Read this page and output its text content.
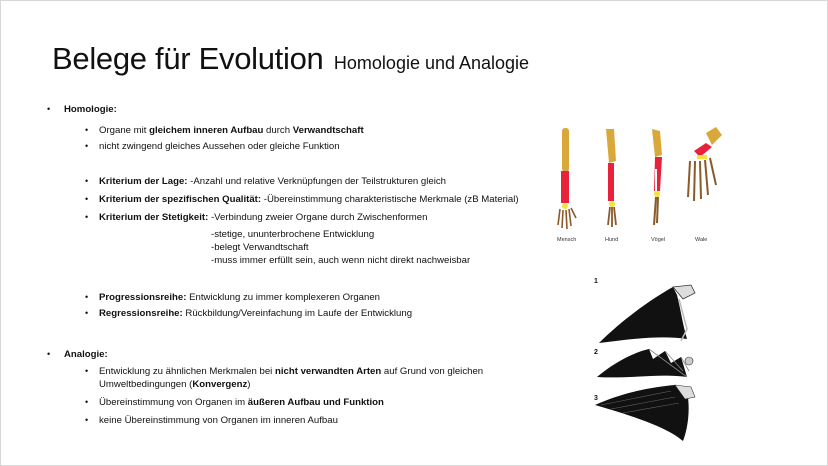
Belege für Evolution Homologie und Analogie
• Homologie:
• Organe mit gleichem inneren Aufbau durch Verwandtschaft
• nicht zwingend gleiches Aussehen oder gleiche Funktion
• Kriterium der Lage: -Anzahl und relative Verknüpfungen der Teilstrukturen gleich
• Kriterium der spezifischen Qualität: -Übereinstimmung charakteristische Merkmale (zB Material)
• Kriterium der Stetigkeit: -Verbindung zweier Organe durch Zwischenformen
-stetige, ununterbrochene Entwicklung
-belegt Verwandtschaft
-muss immer erfüllt sein, auch wenn nicht direkt nachweisbar
• Progressionsreihe: Entwicklung zu immer komplexeren Organen
• Regressionsreihe: Rückbildung/Vereinfachung im Laufe der Entwicklung
• Analogie:
• Entwicklung zu ähnlichen Merkmalen bei nicht verwandten Arten auf Grund von gleichen
Umweltbedingungen (Konvergenz)
• Übereinstimmung von Organen im äußeren Aufbau und Funktion
• keine Übereinstimmung von Organen im inneren Aufbau
Mensch	Hund	Vögel	Wale
1
2
3
